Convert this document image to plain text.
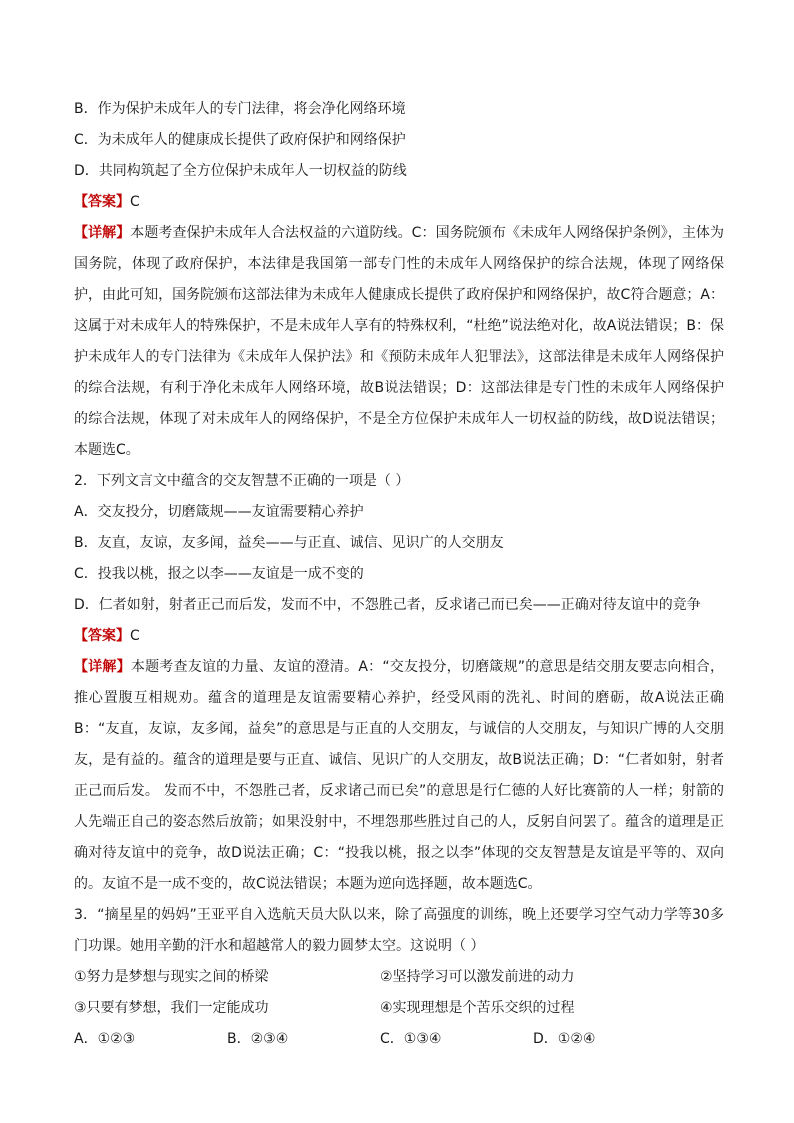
B．作为保护未成年人的专门法律，将会净化网络环境
C．为未成年人的健康成长提供了政府保护和网络保护
D．共同构筑起了全方位保护未成年人一切权益的防线
【答案】C
【详解】本题考查保护未成年人合法权益的六道防线。C：国务院颁布《未成年人网络保护条例》，主体为国务院，体现了政府保护，本法律是我国第一部专门性的未成年人网络保护的综合法规，体现了网络保护，由此可知，国务院颁布这部法律为未成年人健康成长提供了政府保护和网络保护，故C符合题意；A：这属于对未成年人的特殊保护，不是未成年人享有的特殊权利，“杜绝”说法绝对化，故A说法错误；B：保护未成年人的专门法律为《未成年人保护法》和《预防未成年人犯罪法》，这部法律是未成年人网络保护的综合法规，有利于净化未成年人网络环境，故B说法错误；D：这部法律是专门性的未成年人网络保护的综合法规，体现了对未成年人的网络保护，不是全方位保护未成年人一切权益的防线，故D说法错误；本题选C。
2．下列文言文中蕴含的交友智慧不正确的一项是（ ）
A．交友投分，切磨箴规——友谊需要精心养护
B．友直，友谅，友多闻，益矣——与正直、诚信、见识广的人交朋友
C．投我以桃，报之以李——友谊是一成不变的
D．仁者如射，射者正己而后发，发而不中，不怨胜己者，反求诸己而已矣——正确对待友谊中的竞争
【答案】C
【详解】本题考查友谊的力量、友谊的澄清。A：“交友投分，切磨箴规”的意思是结交朋友要志向相合，推心置腹互相规劝。蕴含的道理是友谊需要精心养护，经受风雨的洗礼、时间的磨砺，故A说法正确B：“友直，友谅，友多闻，益矣”的意思是与正直的人交朋友，与诚信的人交朋友，与知识广博的人交朋友，是有益的。蕴含的道理是要与正直、诚信、见识广的人交朋友，故B说法正确；D：“仁者如射，射者正己而后发。 发而不中，不怨胜己者，反求诸己而已矣”的意思是行仁德的人好比赛箭的人一样；射箭的人先端正自己的姿态然后放箭；如果没射中，不埋怨那些胜过自己的人，反躬自问罢了。蕴含的道理是正确对待友谊中的竞争，故D说法正确；C：“投我以桃，报之以李”体现的交友智慧是友谊是平等的、双向的。友谊不是一成不变的，故C说法错误；本题为逆向选择题，故本题选C。
3．“摘星星的妈妈”王亚平自入选航天员大队以来，除了高强度的训练，晚上还要学习空气动力学等30多门功课。她用辛勤的汗水和超越常人的毅力圆梦太空。这说明（ ）
①努力是梦想与现实之间的桥梁	②坚持学习可以激发前进的动力
③只要有梦想，我们一定能成功	④实现理想是个苦乐交织的过程
A．①②③	B．②③④	C．①③④	D．①②④
